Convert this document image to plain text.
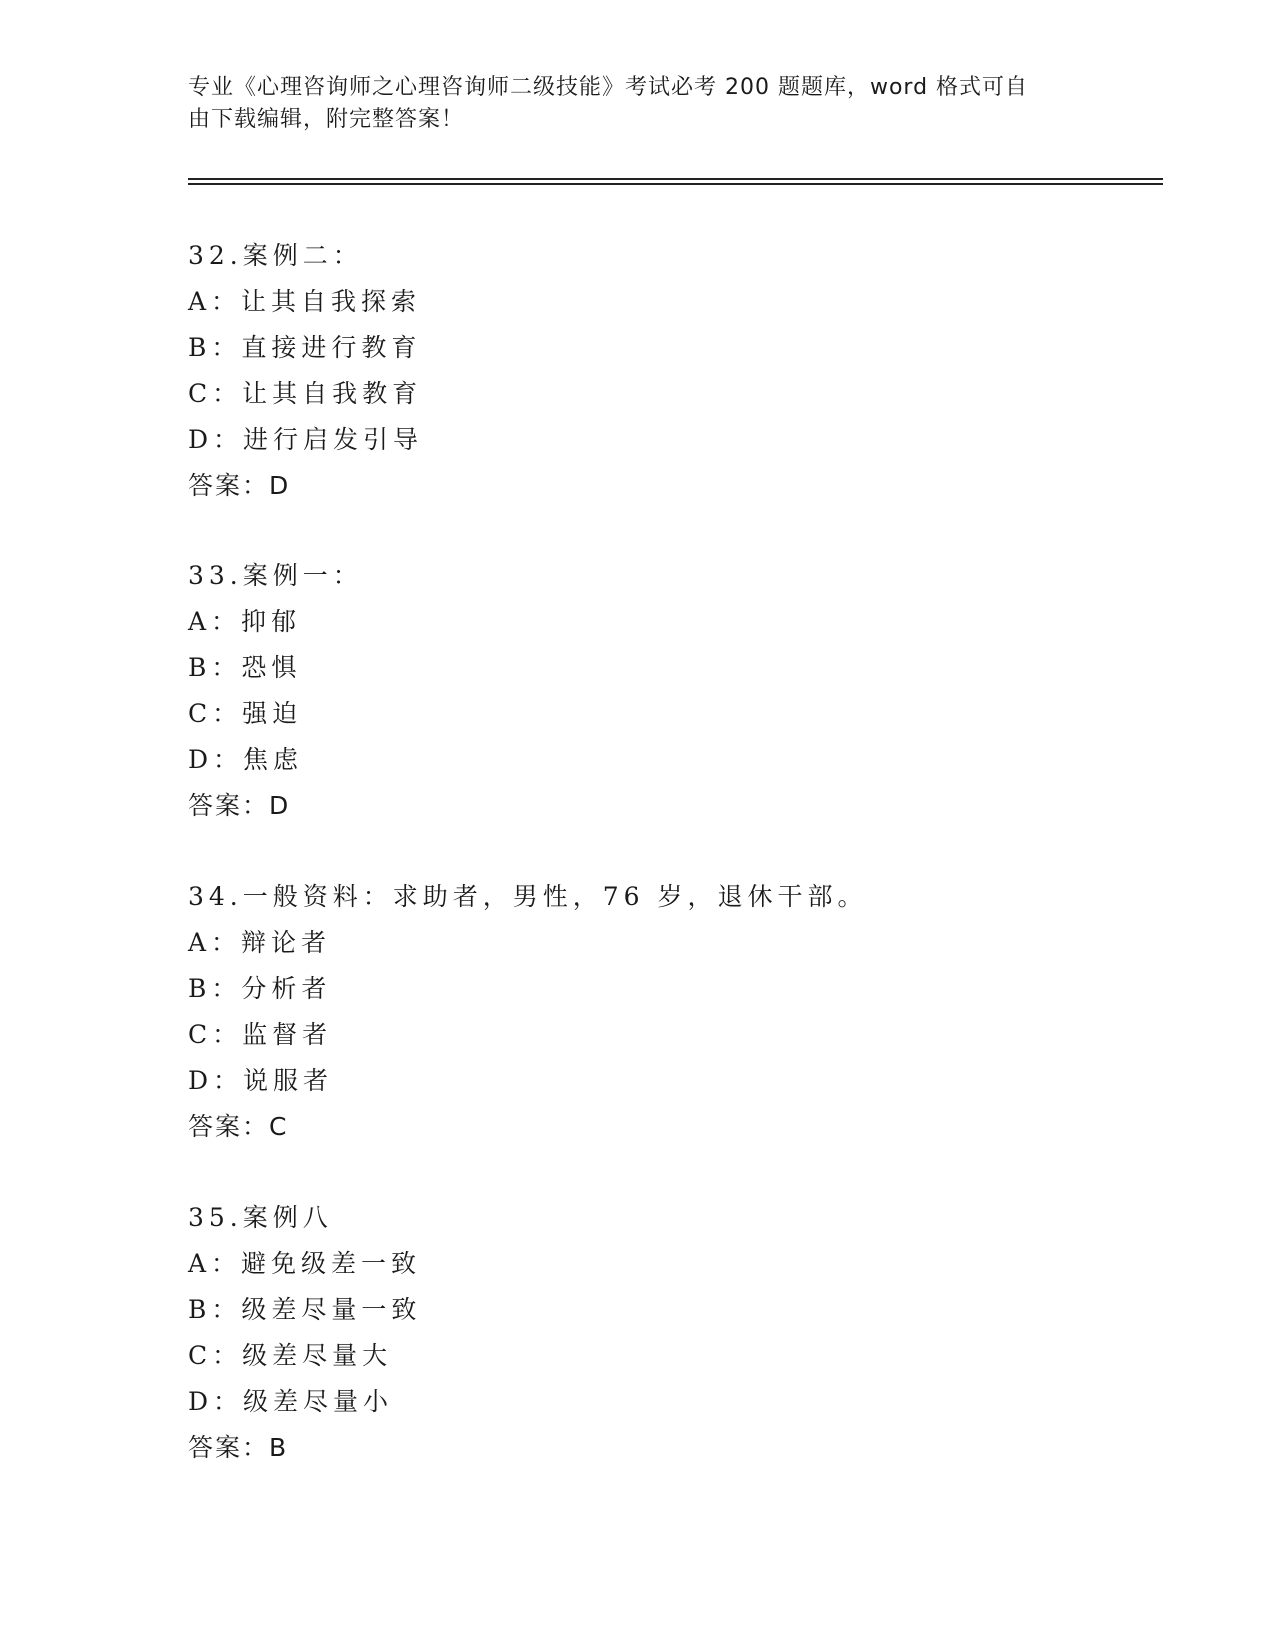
专业《心理咨询师之心理咨询师二级技能》考试必考 200 题题库，word 格式可自
由下载编辑，附完整答案！
32.案例二：
A：让其自我探索
B：直接进行教育
C：让其自我教育
D：进行启发引导
答案：D
33.案例一：
A：抑郁
B：恐惧
C：强迫
D：焦虑
答案：D
34.一般资料：求助者，男性，76 岁，退休干部。
A：辩论者
B：分析者
C：监督者
D：说服者
答案：C
35.案例八
A：避免级差一致
B：级差尽量一致
C：级差尽量大
D：级差尽量小
答案：B
